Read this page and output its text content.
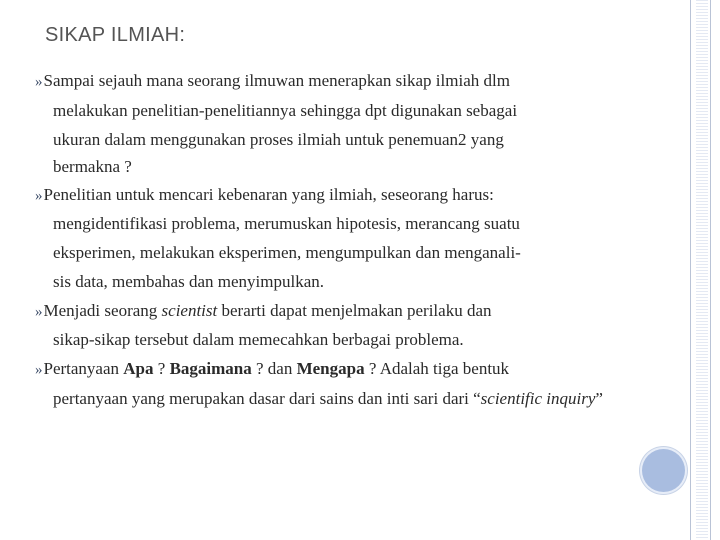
SIKAP ILMIAH:
»Sampai sejauh mana seorang ilmuwan menerapkan sikap ilmiah dlm
melakukan penelitian-penelitiannya sehingga dpt digunakan sebagai
ukuran dalam menggunakan proses ilmiah untuk penemuan2 yang
bermakna ?
»Penelitian untuk mencari kebenaran yang ilmiah, seseorang harus:
mengidentifikasi problema, merumuskan hipotesis, merancang suatu
eksperimen, melakukan eksperimen, mengumpulkan dan menganali-
sis data, membahas dan menyimpulkan.
»Menjadi seorang scientist berarti dapat menjelmakan perilaku dan
sikap-sikap tersebut dalam memecahkan berbagai problema.
»Pertanyaan Apa ? Bagaimana ? dan Mengapa ? Adalah tiga bentuk
pertanyaan yang merupakan dasar dari sains dan inti sari dari “scientific inquiry”
